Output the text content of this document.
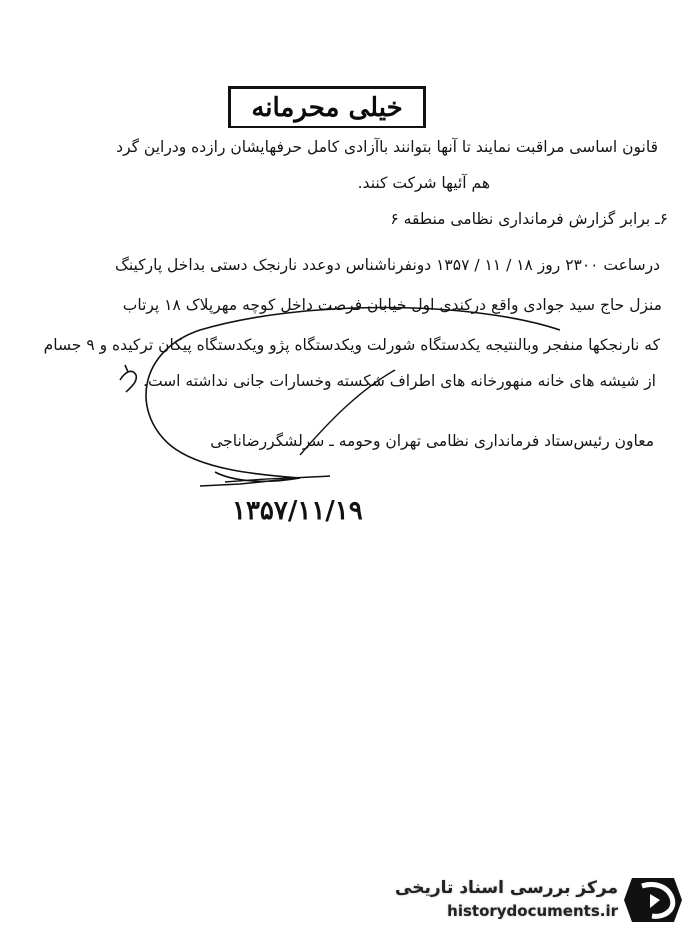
خیلی محرمانه
قانون اساسی مراقبت نمایند تا آنها بتوانند باآزادی کامل حرفهایشان رازده ودراین گرد
هم آئیها شرکت کنند.
۶ـ برابر گزارش فرمانداری نظامی منطقه ۶
درساعت ۲۳۰۰ روز ۱۸ / ۱۱ / ۱۳۵۷ دونفرناشناس دوعدد نارنجک دستی بداخل پارکینگ
منزل حاج سید جوادی واقع درکندی اول خیابان فرصت داخل کوچه مهرپلاک ۱۸ پرتاب
که نارنجکها منفجر وبالنتیجه یکدستگاه شورلت ویکدستگاه پژو ویکدستگاه پیکان ترکیده و ۹ جسام
از شیشه های خانه منهورخانه های اطراف شکسته وخسارات جانی نداشته است.
معاون رئیس‌ستاد فرمانداری نظامی تهران وحومه ـ سرلشگررضاناجی
۱۳۵۷/۱۱/۱۹
مرکز بررسی اسناد تاریخی
historydocuments.ir
